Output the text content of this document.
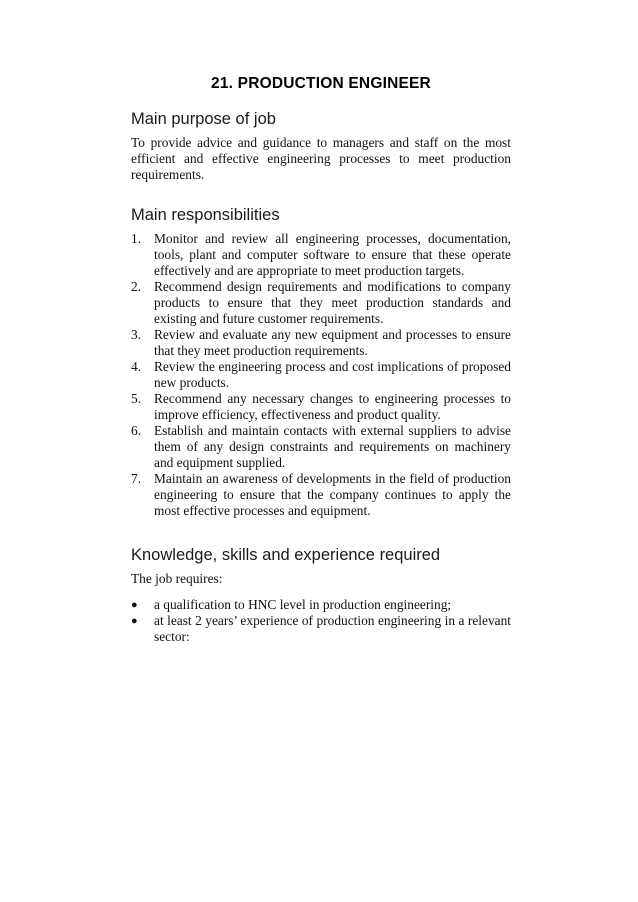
21. PRODUCTION ENGINEER
Main purpose of job

To provide advice and guidance to managers and staff on the most efficient and effective engineering processes to meet production requirements.

Main responsibilities
1. Monitor and review all engineering processes, documentation, tools, plant and computer software to ensure that these operate effectively and are appropriate to meet production targets.
2. Recommend design requirements and modifications to company products to ensure that they meet production standards and existing and future customer requirements.
3. Review and evaluate any new equipment and processes to ensure that they meet production requirements.
4. Review the engineering process and cost implications of proposed new products.
5. Recommend any necessary changes to engineering processes to improve efficiency, effectiveness and product quality.
6. Establish and maintain contacts with external suppliers to advise them of any design constraints and requirements on machinery and equipment supplied.
7. Maintain an awareness of developments in the field of production engineering to ensure that the company continues to apply the most effective processes and equipment.
Knowledge, skills and experience required

The job requires:

●	a qualification to HNC level in production engineering;
●	at least 2 years’ experience of production engineering in a relevant sector:
